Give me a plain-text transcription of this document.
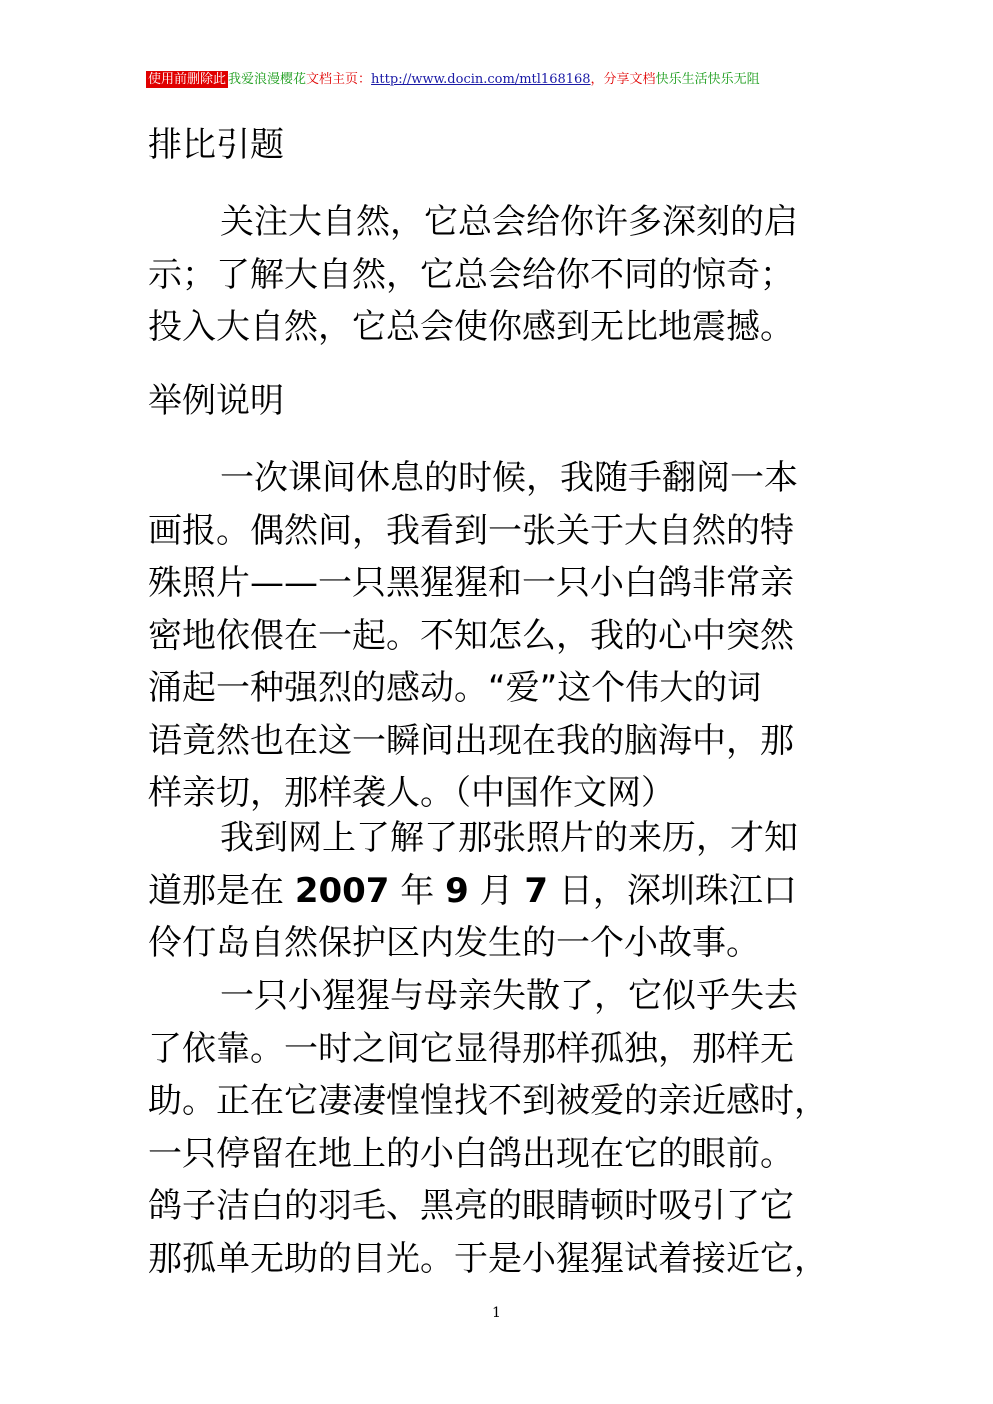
使用前删除此 我爱浪漫樱花文档主页：http://www.docin.com/mtl168168，分享文档快乐生活快乐无阻
排比引题
关注大自然，它总会给你许多深刻的启
示；了解大自然，它总会给你不同的惊奇；
投入大自然，它总会使你感到无比地震撼。
举例说明
一次课间休息的时候，我随手翻阅一本
画报。偶然间，我看到一张关于大自然的特
殊照片——一只黑猩猩和一只小白鸽非常亲
密地依偎在一起。不知怎么，我的心中突然
涌起一种强烈的感动。“爱”这个伟大的词
语竟然也在这一瞬间出现在我的脑海中，那
样亲切，那样袭人。（中国作文网）
我到网上了解了那张照片的来历，才知
道那是在 2007 年 9 月 7 日，深圳珠江口
伶仃岛自然保护区内发生的一个小故事。
一只小猩猩与母亲失散了，它似乎失去
了依靠。一时之间它显得那样孤独，那样无
助。正在它凄凄惶惶找不到被爱的亲近感时，
一只停留在地上的小白鸽出现在它的眼前。
鸽子洁白的羽毛、黑亮的眼睛顿时吸引了它
那孤单无助的目光。于是小猩猩试着接近它，
1
